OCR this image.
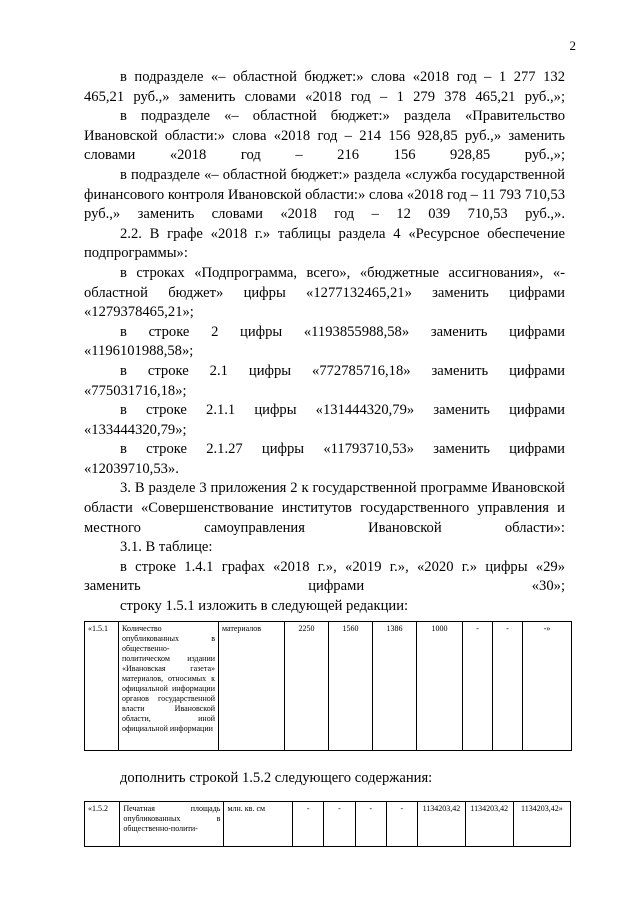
2

в подразделе «– областной бюджет:» слова «2018 год – 1 277 132 465,21 руб.,» заменить словами «2018 год – 1 279 378 465,21 руб.,»;

в подразделе «– областной бюджет:» раздела «Правительство Ивановской области:» слова «2018 год – 214 156 928,85 руб.,» заменить словами «2018 год – 216 156 928,85 руб.,»;

в подразделе «– областной бюджет:» раздела «служба государственной финансового контроля Ивановской области:» слова «2018 год – 11 793 710,53 руб.,» заменить словами «2018 год – 12 039 710,53 руб.,».

2.2. В графе «2018 г.» таблицы раздела 4 «Ресурсное обеспечение подпрограммы»:

в строках «Подпрограмма, всего», «бюджетные ассигнования», «- областной бюджет» цифры «1277132465,21» заменить цифрами «1279378465,21»;

в строке 2 цифры «1193855988,58» заменить цифрами «1196101988,58»;

в строке 2.1 цифры «772785716,18» заменить цифрами «775031716,18»;

в строке 2.1.1 цифры «131444320,79» заменить цифрами «133444320,79»;

в строке 2.1.27 цифры «11793710,53» заменить цифрами «12039710,53».

3. В разделе 3 приложения 2 к государственной программе Ивановской области «Совершенствование институтов государственного управления и местного самоуправления Ивановской области»:

3.1. В таблице:

в строке 1.4.1 графах «2018 г.», «2019 г.», «2020 г.» цифры «29» заменить цифрами «30»;

строку 1.5.1 изложить в следующей редакции:

«1.5.1	Количество опубликованных в общественно-политическом издании «Ивановская газета» материалов, относимых к официальной информации органов государственной власти Ивановской области, иной официальной информации	материалов	2250	1560	1386	1000	-	-	-»
дополнить строкой 1.5.2 следующего содержания:
«1.5.2	Печатная площадь опубликованных в общественно-полити-	млн. кв. см	-	-	-	-	1134203,42	1134203,42	1134203,42»
